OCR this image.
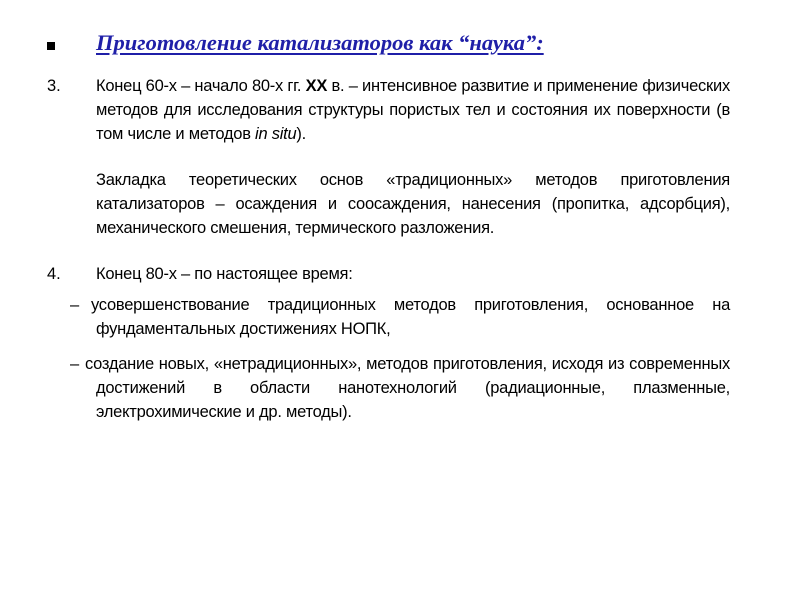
Приготовление катализаторов как “наука”:
3. Конец 60-х – начало 80-х гг. XX в. – интенсивное развитие и применение физических методов для исследования структуры пористых тел и состояния их поверхности (в том числе и методов in situ).

Закладка теоретических основ «традиционных» методов приготовления катализаторов – осаждения и соосаждения, нанесения (пропитка, адсорбция), механического смешения, термического разложения.

4. Конец 80-х – по настоящее время:

– усовершенствование традиционных методов приготовления, основанное на фундаментальных достижениях НОПК,

– создание новых, «нетрадиционных», методов приготовления, исходя из современных достижений в области нанотехнологий (радиационные, плазменные, электрохимические и др. методы).
